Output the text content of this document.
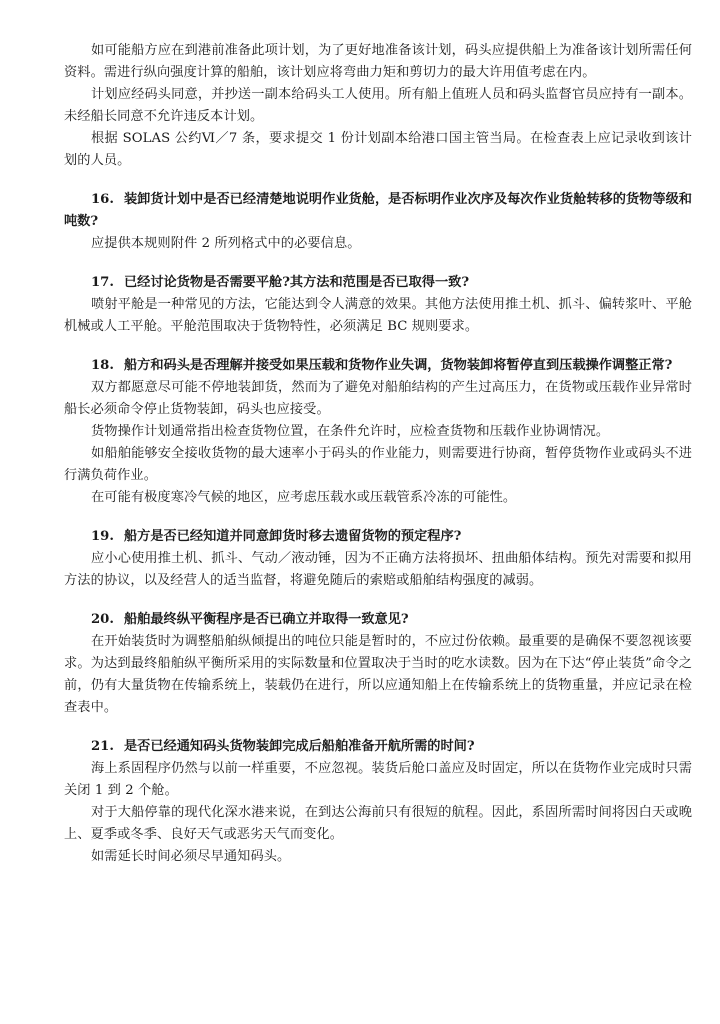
如可能船方应在到港前准备此项计划，为了更好地准备该计划，码头应提供船上为准备该计划所需任何资料。需进行纵向强度计算的船舶，该计划应将弯曲力矩和剪切力的最大许用值考虑在内。

计划应经码头同意，并抄送一副本给码头工人使用。所有船上值班人员和码头监督官员应持有一副本。未经船长同意不允许违反本计划。

根据 SOLAS 公约Ⅵ／7 条，要求提交 1 份计划副本给港口国主管当局。在检查表上应记录收到该计划的人员。

16. 装卸货计划中是否已经清楚地说明作业货舱，是否标明作业次序及每次作业货舱转移的货物等级和吨数?

应提供本规则附件 2 所列格式中的必要信息。

17. 已经讨论货物是否需要平舱?其方法和范围是否已取得一致?

喷射平舱是一种常见的方法，它能达到令人满意的效果。其他方法使用推土机、抓斗、偏转浆叶、平舱机械或人工平舱。平舱范围取决于货物特性，必须满足 BC 规则要求。

18. 船方和码头是否理解并接受如果压载和货物作业失调，货物装卸将暂停直到压载操作调整正常?

双方都愿意尽可能不停地装卸货，然而为了避免对船舶结构的产生过高压力，在货物或压载作业异常时船长必须命令停止货物装卸，码头也应接受。

货物操作计划通常指出检查货物位置，在条件允许时，应检查货物和压载作业协调情况。

如船舶能够安全接收货物的最大速率小于码头的作业能力，则需要进行协商，暂停货物作业或码头不进行满负荷作业。

在可能有极度寒冷气候的地区，应考虑压载水或压载管系冷冻的可能性。

19. 船方是否已经知道并同意卸货时移去遗留货物的预定程序?

应小心使用推土机、抓斗、气动／液动锤，因为不正确方法将损坏、扭曲船体结构。预先对需要和拟用方法的协议，以及经营人的适当监督，将避免随后的索赔或船舶结构强度的减弱。

20. 船舶最终纵平衡程序是否已确立并取得一致意见?

在开始装货时为调整船舶纵倾提出的吨位只能是暂时的，不应过份依赖。最重要的是确保不要忽视该要求。为达到最终船舶纵平衡所采用的实际数量和位置取决于当时的吃水读数。因为在下达“停止装货”命令之前，仍有大量货物在传输系统上，装载仍在进行，所以应通知船上在传输系统上的货物重量，并应记录在检查表中。

21. 是否已经通知码头货物装卸完成后船舶准备开航所需的时间?

海上系固程序仍然与以前一样重要，不应忽视。装货后舱口盖应及时固定，所以在货物作业完成时只需关闭 1 到 2 个舱。

对于大船停靠的现代化深水港来说，在到达公海前只有很短的航程。因此，系固所需时间将因白天或晚上、夏季或冬季、良好天气或恶劣天气而变化。

如需延长时间必须尽早通知码头。
